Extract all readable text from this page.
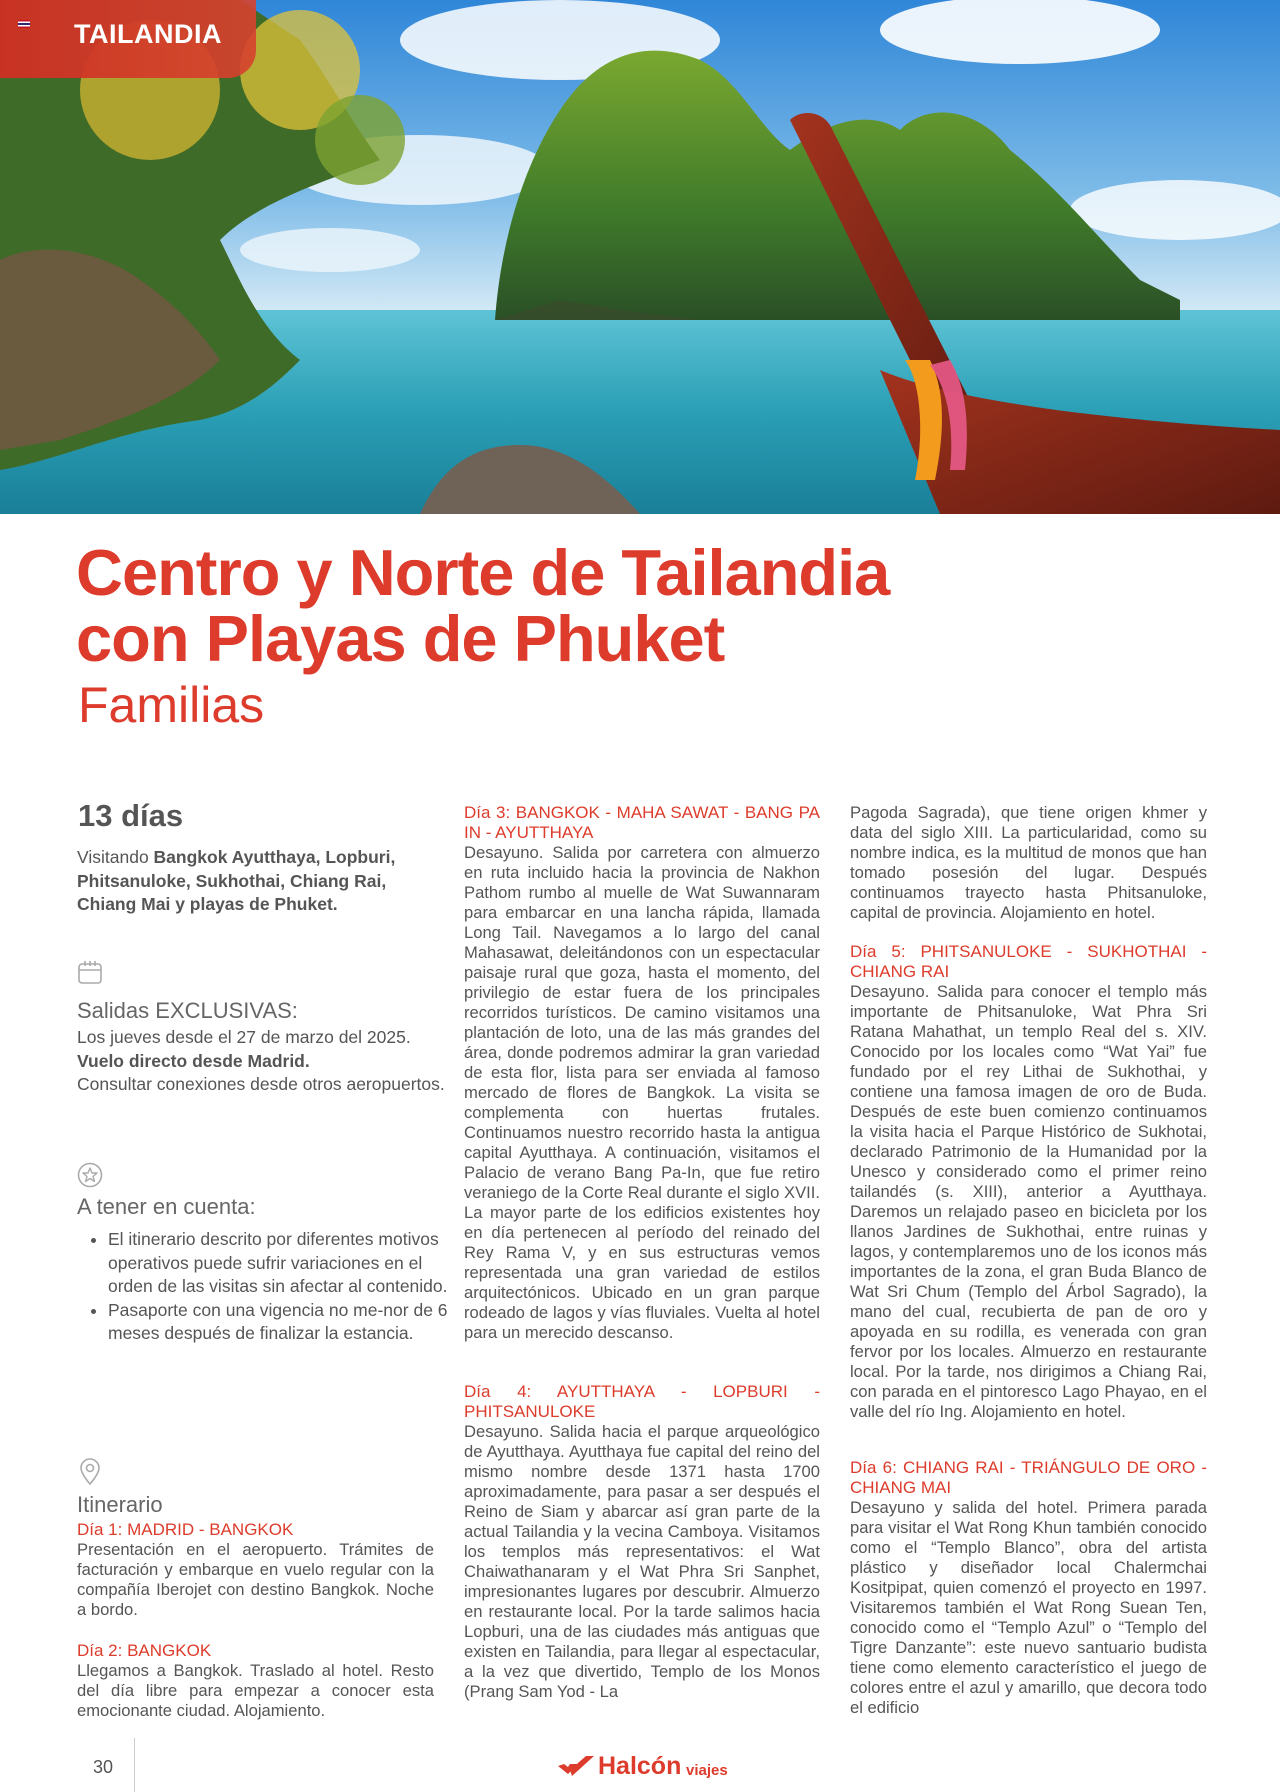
TAILANDIA
Centro y Norte de Tailandia
con Playas de Phuket
Familias
13 días
Visitando Bangkok Ayutthaya, Lopburi, Phitsanuloke, Sukhothai, Chiang Rai, Chiang Mai y playas de Phuket.
Salidas EXCLUSIVAS:
Los jueves desde el 27 de marzo del 2025.
Vuelo directo desde Madrid.
Consultar conexiones desde otros aeropuertos.
A tener en cuenta:
• El itinerario descrito por diferentes motivos operativos puede sufrir variaciones en el orden de las visitas sin afectar al contenido.
• Pasaporte con una vigencia no me-nor de 6 meses después de finalizar la estancia.
Itinerario

Día 1: MADRID - BANGKOK

Presentación en el aeropuerto. Trámites de facturación y embarque en vuelo regular con la compañía Iberojet con destino Bangkok. Noche a bordo.

Día 2: BANGKOK

Llegamos a Bangkok. Traslado al hotel. Resto del día libre para empezar a conocer esta emocionante ciudad. Alojamiento.

Día 3: BANGKOK - MAHA SAWAT - BANG PA IN - AYUTTHAYA

Desayuno. Salida por carretera con almuerzo en ruta incluido hacia la provincia de Nakhon Pathom rumbo al muelle de Wat Suwannaram para embarcar en una lancha rápida, llamada Long Tail. Navegamos a lo largo del canal Mahasawat, deleitándonos con un espectacular paisaje rural que goza, hasta el momento, del privilegio de estar fuera de los principales recorridos turísticos. De camino visitamos una plantación de loto, una de las más grandes del área, donde podremos admirar la gran variedad de esta flor, lista para ser enviada al famoso mercado de flores de Bangkok. La visita se complementa con huertas frutales. Continuamos nuestro recorrido hasta la antigua capital Ayutthaya. A continuación, visitamos el Palacio de verano Bang Pa-In, que fue retiro veraniego de la Corte Real durante el siglo XVII. La mayor parte de los edificios existentes hoy en día pertenecen al período del reinado del Rey Rama V, y en sus estructuras vemos representada una gran variedad de estilos arquitectónicos. Ubicado en un gran parque rodeado de lagos y vías fluviales. Vuelta al hotel para un merecido descanso.

Día 4: AYUTTHAYA - LOPBURI - PHITSANULOKE

Desayuno. Salida hacia el parque arqueológico de Ayutthaya. Ayutthaya fue capital del reino del mismo nombre desde 1371 hasta 1700 aproximadamente, para pasar a ser después el Reino de Siam y abarcar así gran parte de la actual Tailandia y la vecina Camboya. Visitamos los templos más representativos: el Wat Chaiwathanaram y el Wat Phra Sri Sanphet, impresionantes lugares por descubrir. Almuerzo en restaurante local. Por la tarde salimos hacia Lopburi, una de las ciudades más antiguas que existen en Tailandia, para llegar al espectacular, a la vez que divertido, Templo de los Monos (Prang Sam Yod - La

Pagoda Sagrada), que tiene origen khmer y data del siglo XIII. La particularidad, como su nombre indica, es la multitud de monos que han tomado posesión del lugar. Después continuamos trayecto hasta Phitsanuloke, capital de provincia. Alojamiento en hotel.

Día 5: PHITSANULOKE - SUKHOTHAI - CHIANG RAI

Desayuno. Salida para conocer el templo más importante de Phitsanuloke, Wat Phra Sri Ratana Mahathat, un templo Real del s. XIV. Conocido por los locales como “Wat Yai” fue fundado por el rey Lithai de Sukhothai, y contiene una famosa imagen de oro de Buda. Después de este buen comienzo continuamos la visita hacia el Parque Histórico de Sukhotai, declarado Patrimonio de la Humanidad por la Unesco y considerado como el primer reino tailandés (s. XIII), anterior a Ayutthaya. Daremos un relajado paseo en bicicleta por los llanos Jardines de Sukhothai, entre ruinas y lagos, y contemplaremos uno de los iconos más importantes de la zona, el gran Buda Blanco de Wat Sri Chum (Templo del Árbol Sagrado), la mano del cual, recubierta de pan de oro y apoyada en su rodilla, es venerada con gran fervor por los locales. Almuerzo en restaurante local. Por la tarde, nos dirigimos a Chiang Rai, con parada en el pintoresco Lago Phayao, en el valle del río Ing. Alojamiento en hotel.

Día 6: CHIANG RAI - TRIÁNGULO DE ORO - CHIANG MAI

Desayuno y salida del hotel. Primera parada para visitar el Wat Rong Khun también conocido como el “Templo Blanco”, obra del artista plástico y diseñador local Chalermchai Kositpipat, quien comenzó el proyecto en 1997. Visitaremos también el Wat Rong Suean Ten, conocido como el “Templo Azul” o “Templo del Tigre Danzante”: este nuevo santuario budista tiene como elemento característico el juego de colores entre el azul y amarillo, que decora todo el edificio

30	Halcón viajes
